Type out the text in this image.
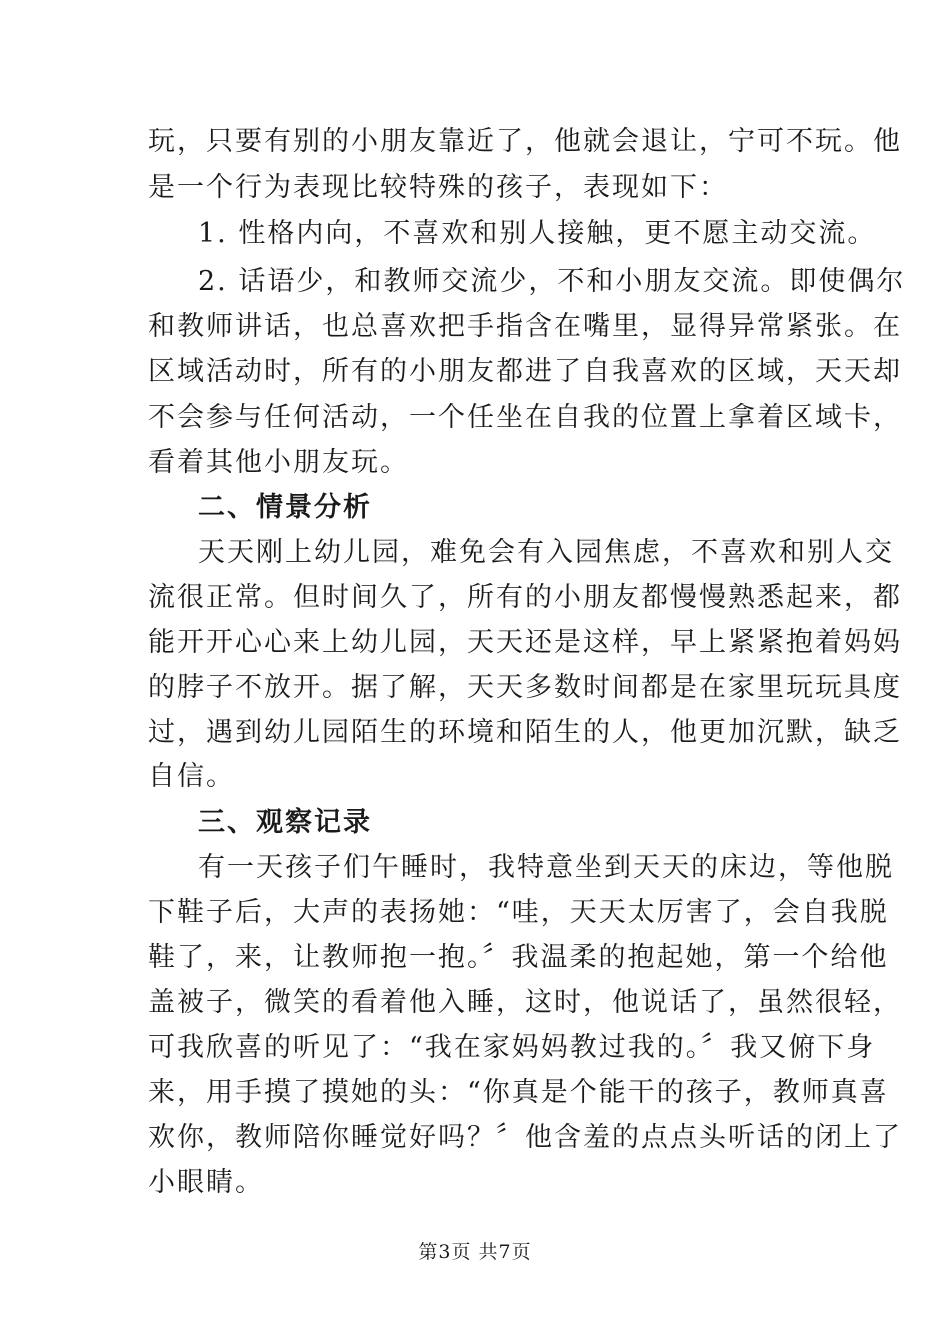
玩，只要有别的小朋友靠近了，他就会退让，宁可不玩。他
是一个行为表现比较特殊的孩子，表现如下：
1. 性格内向，不喜欢和别人接触，更不愿主动交流。
2. 话语少，和教师交流少，不和小朋友交流。即使偶尔
和教师讲话，也总喜欢把手指含在嘴里，显得异常紧张。在
区域活动时，所有的小朋友都进了自我喜欢的区域，天天却
不会参与任何活动，一个任坐在自我的位置上拿着区域卡，
看着其他小朋友玩。
二、情景分析
天天刚上幼儿园，难免会有入园焦虑，不喜欢和别人交
流很正常。但时间久了，所有的小朋友都慢慢熟悉起来，都
能开开心心来上幼儿园，天天还是这样，早上紧紧抱着妈妈
的脖子不放开。据了解，天天多数时间都是在家里玩玩具度
过，遇到幼儿园陌生的环境和陌生的人，他更加沉默，缺乏
自信。
三、观察记录
有一天孩子们午睡时，我特意坐到天天的床边，等他脱
下鞋子后，大声的表扬她：“哇，天天太厉害了，会自我脱
鞋了，来，让教师抱一抱。〞我温柔的抱起她，第一个给他
盖被子，微笑的看着他入睡，这时，他说话了，虽然很轻，
可我欣喜的听见了：“我在家妈妈教过我的。〞我又俯下身
来，用手摸了摸她的头：“你真是个能干的孩子，教师真喜
欢你，教师陪你睡觉好吗？〞他含羞的点点头听话的闭上了
小眼睛。
第3页 共7页
